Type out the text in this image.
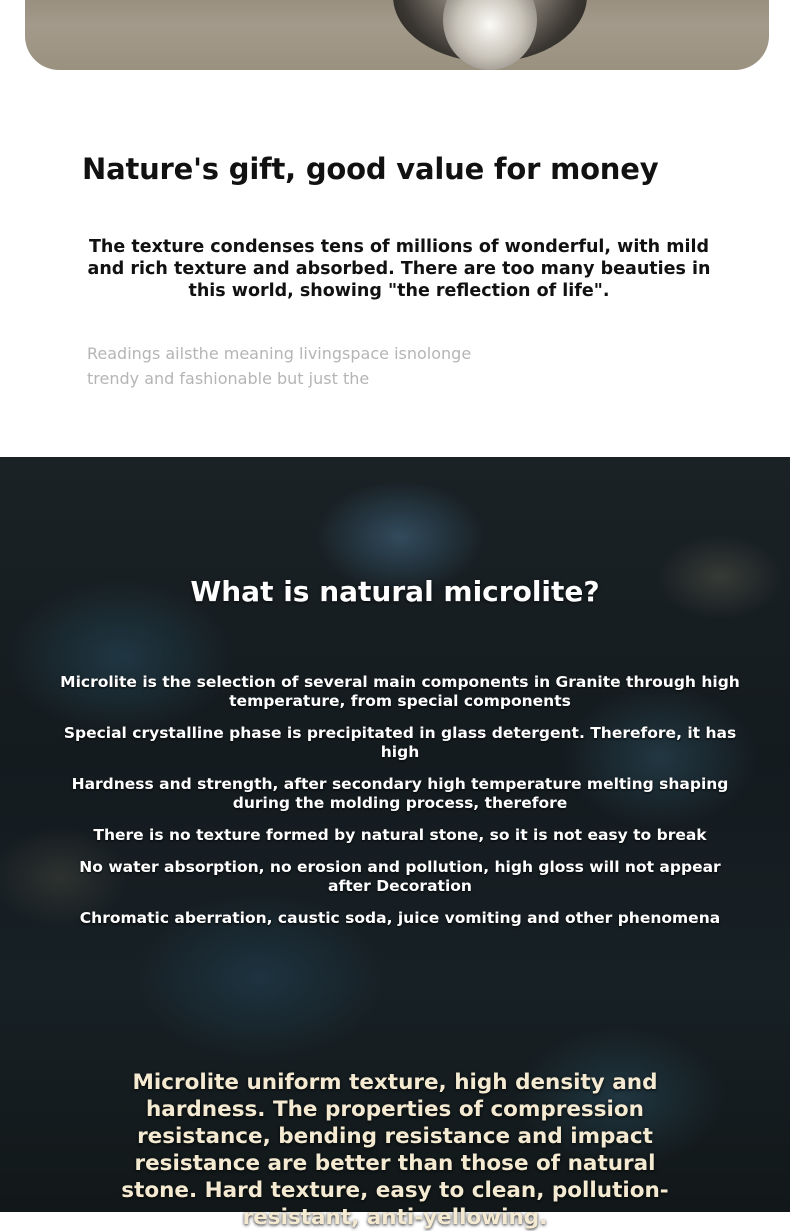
Nature's gift, good value for money

The texture condenses tens of millions of wonderful, with mild and rich texture and absorbed. There are too many beauties in this world, showing "the reflection of life".

Readings ailsthe meaning livingspace isnolonge
trendy and fashionable but just the
What is natural microlite?
Microlite is the selection of several main components in Granite through high temperature, from special components
Special crystalline phase is precipitated in glass detergent. Therefore, it has high
Hardness and strength, after secondary high temperature melting shaping during the molding process, therefore
There is no texture formed by natural stone, so it is not easy to break
No water absorption, no erosion and pollution, high gloss will not appear after Decoration
Chromatic aberration, caustic soda, juice vomiting and other phenomena

Microlite uniform texture, high density and hardness. The properties of compression resistance, bending resistance and impact resistance are better than those of natural stone. Hard texture, easy to clean, pollution-resistant, anti-yellowing.
